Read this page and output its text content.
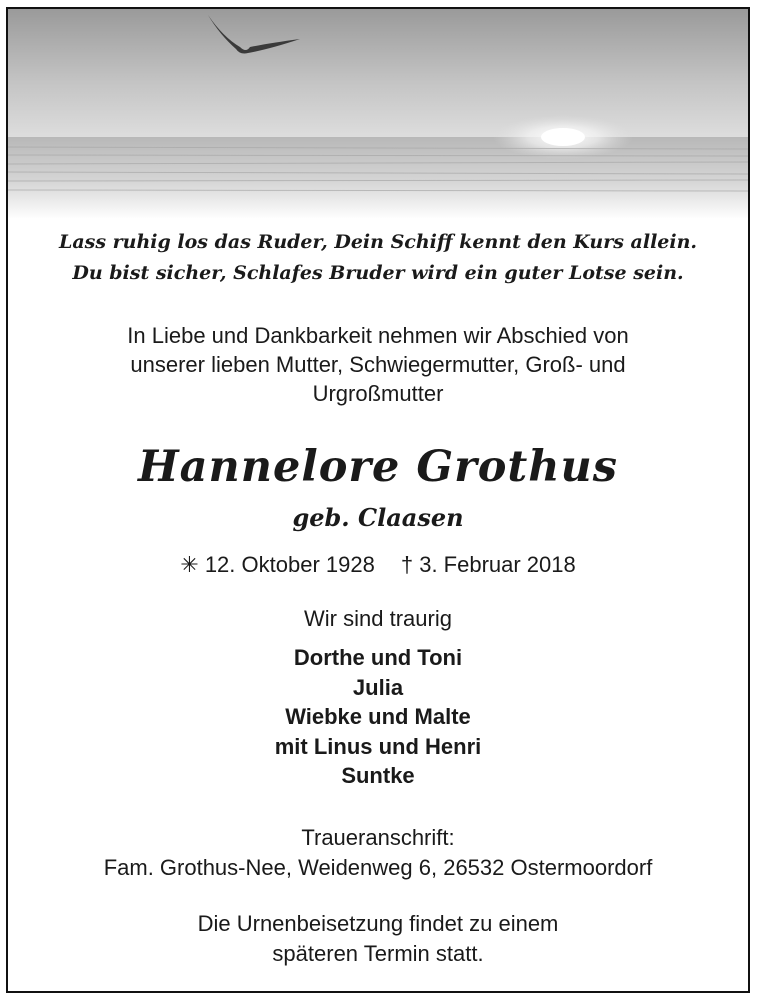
Lass ruhig los das Ruder, Dein Schiff kennt den Kurs allein.
Du bist sicher, Schlafes Bruder wird ein guter Lotse sein.
In Liebe und Dankbarkeit nehmen wir Abschied von
unserer lieben Mutter, Schwiegermutter, Groß- und
Urgroßmutter
Hannelore Grothus
geb. Claasen
✳ 12. Oktober 1928 † 3. Februar 2018
Wir sind traurig
Dorthe und Toni
Julia
Wiebke und Malte
mit Linus und Henri
Suntke
Traueranschrift:
Fam. Grothus-Nee, Weidenweg 6, 26532 Ostermoordorf
Die Urnenbeisetzung findet zu einem
späteren Termin statt.
